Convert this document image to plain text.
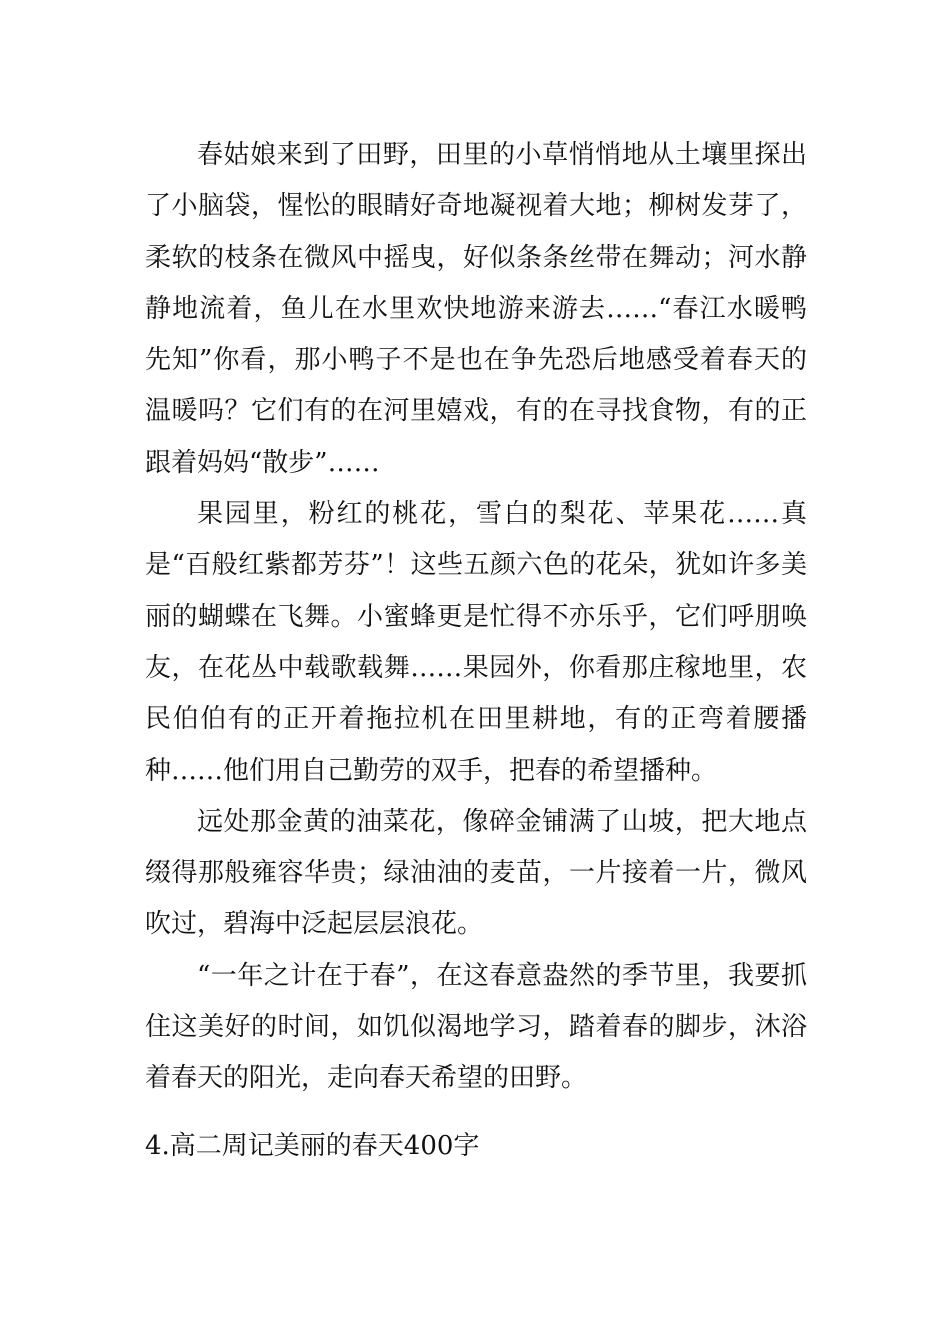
春姑娘来到了田野，田里的小草悄悄地从土壤里探出了小脑袋，惺忪的眼睛好奇地凝视着大地；柳树发芽了，柔软的枝条在微风中摇曳，好似条条丝带在舞动；河水静静地流着，鱼儿在水里欢快地游来游去……“春江水暖鸭先知”你看，那小鸭子不是也在争先恐后地感受着春天的温暖吗？它们有的在河里嬉戏，有的在寻找食物，有的正跟着妈妈“散步”……

果园里，粉红的桃花，雪白的梨花、苹果花……真是“百般红紫都芳芬”！这些五颜六色的花朵，犹如许多美丽的蝴蝶在飞舞。小蜜蜂更是忙得不亦乐乎，它们呼朋唤友，在花丛中载歌载舞……果园外，你看那庄稼地里，农民伯伯有的正开着拖拉机在田里耕地，有的正弯着腰播种……他们用自己勤劳的双手，把春的希望播种。

远处那金黄的油菜花，像碎金铺满了山坡，把大地点缀得那般雍容华贵；绿油油的麦苗，一片接着一片，微风吹过，碧海中泛起层层浪花。

“一年之计在于春”，在这春意盎然的季节里，我要抓住这美好的时间，如饥似渴地学习，踏着春的脚步，沐浴着春天的阳光，走向春天希望的田野。

4.高二周记美丽的春天400字
